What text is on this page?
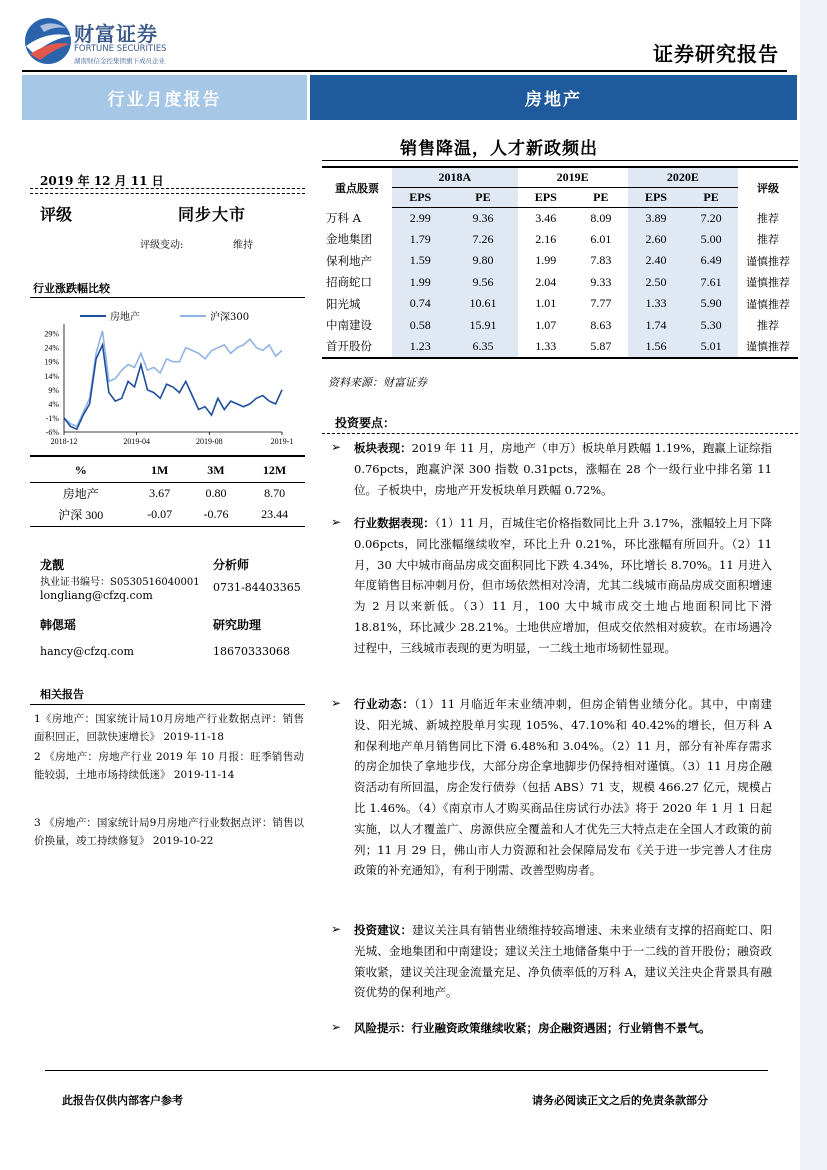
财富证券
FORTUNE SECURITIES
湖南财信金控集团旗下成员企业	证券研究报告
行业月度报告	房地产
销售降温，人才新政频出
2019 年 12 月 11 日
评级	同步大市
评级变动:	维持
行业涨跌幅比较
29%
24%
19%
14%
9%
4%
-1%
-6%
2018-12	2019-04	2019-08	2019-1
房地产	沪深300
%	1M	3M	12M
房地产	3.67	0.80	8.70
沪深 300	-0.07	-0.76	23.44
龙靓	分析师
执业证书编号：S0530516040001 0731-84403365
longliang@cfzq.com
韩偲瑶	研究助理
hancy@cfzq.com	18670333068
相关报告
1《房地产：国家统计局10月房地产行业数据点评：销售面积回正，回款快速增长》 2019-11-18
2 《房地产：房地产行业 2019 年 10 月报：旺季销售动能较弱，土地市场持续低迷》 2019-11-14
3 《房地产：国家统计局9月房地产行业数据点评：销售以价换量，竣工持续修复》 2019-10-22
重点股票	2018A		2019E		2020E		评级
	EPS	PE	EPS	PE	EPS	PE	
万科 A	2.99	9.36	3.46	8.09	3.89	7.20	推荐
金地集团	1.79	7.26	2.16	6.01	2.60	5.00	推荐
保利地产	1.59	9.80	1.99	7.83	2.40	6.49	谨慎推荐
招商蛇口	1.99	9.56	2.04	9.33	2.50	7.61	谨慎推荐
阳光城	0.74	10.61	1.01	7.77	1.33	5.90	谨慎推荐
中南建设	0.58	15.91	1.07	8.63	1.74	5.30	推荐
首开股份	1.23	6.35	1.33	5.87	1.56	5.01	谨慎推荐
资料来源：财富证券
投资要点：
➢ 板块表现：2019 年 11 月，房地产（申万）板块单月跌幅 1.19%，跑赢上证综指 0.76pcts，跑赢沪深 300 指数 0.31pcts，涨幅在 28 个一级行业中排名第 11 位。子板块中，房地产开发板块单月跌幅 0.72%。
➢ 行业数据表现：（1）11 月，百城住宅价格指数同比上升 3.17%，涨幅较上月下降 0.06pcts，同比涨幅继续收窄，环比上升 0.21%，环比涨幅有所回升。（2）11 月，30 大中城市商品房成交面积同比下跌 4.34%，环比增长 8.70%。11 月进入年度销售目标冲刺月份，但市场依然相对冷清，尤其二线城市商品房成交面积增速为 2 月以来新低。（3）11 月，100 大中城市成交土地占地面积同比下滑 18.81%，环比减少 28.21%。土地供应增加，但成交依然相对疲软。在市场遇冷过程中，三线城市表现的更为明显，一二线土地市场韧性显现。
➢ 行业动态：（1）11 月临近年末业绩冲刺，但房企销售业绩分化。其中，中南建设、阳光城、新城控股单月实现 105%、47.10%和 40.42%的增长，但万科 A 和保利地产单月销售同比下滑 6.48%和 3.04%。（2）11 月，部分有补库存需求的房企加快了拿地步伐，大部分房企拿地脚步仍保持相对谨慎。（3）11 月房企融资活动有所回温，房企发行债券（包括 ABS）71 支，规模 466.27 亿元，规模占比 1.46%。（4）《南京市人才购买商品住房试行办法》将于 2020 年 1 月 1 日起实施，以人才覆盖广、房源供应全覆盖和人才优先三大特点走在全国人才政策的前列；11 月 29 日，佛山市人力资源和社会保障局发布《关于进一步完善人才住房政策的补充通知》，有利于刚需、改善型购房者。
➢ 投资建议：建议关注具有销售业绩维持较高增速、未来业绩有支撑的招商蛇口、阳光城、金地集团和中南建设；建议关注土地储备集中于一二线的首开股份；融资政策收紧，建议关注现金流量充足、净负债率低的万科 A，建议关注央企背景具有融资优势的保利地产。
➢ 风险提示：行业融资政策继续收紧；房企融资遇困；行业销售不景气。
此报告仅供内部客户参考	请务必阅读正文之后的免责条款部分
